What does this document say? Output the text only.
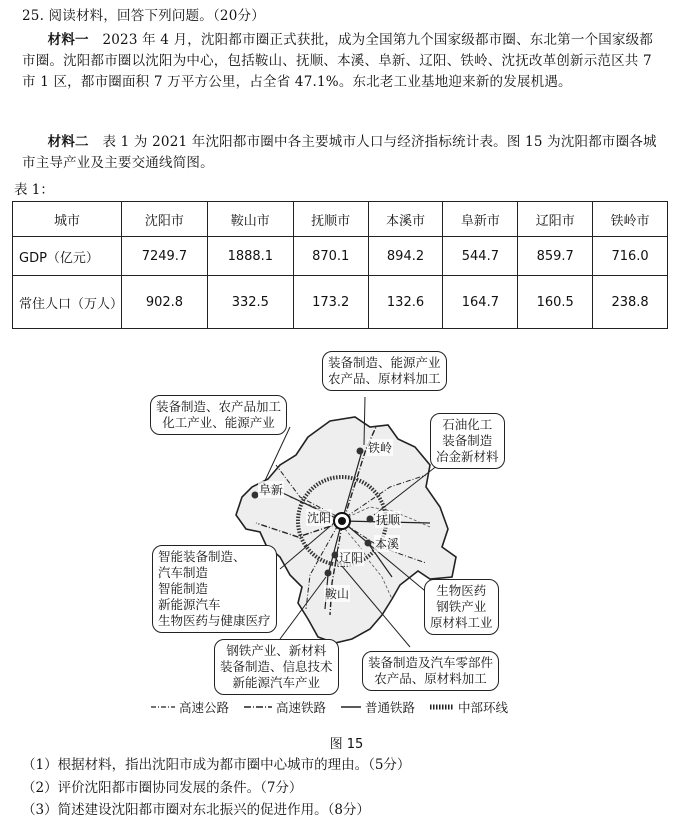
25. 阅读材料，回答下列问题。（20分）
材料一　 2023 年 4 月，沈阳都市圈正式获批，成为全国第九个国家级都市圈、东北第一个国家级都市圈。沈阳都市圈以沈阳为中心，包括鞍山、抚顺、本溪、阜新、辽阳、铁岭、沈抚改革创新示范区共 7 市 1 区，都市圈面积 7 万平方公里，占全省 47.1%。东北老工业基地迎来新的发展机遇。
材料二　 表 1 为 2021 年沈阳都市圈中各主要城市人口与经济指标统计表。图 15 为沈阳都市圈各城市主导产业及主要交通线简图。
表 1：
城市	沈阳市	鞍山市	抚顺市	本溪市	阜新市	辽阳市	铁岭市
GDP（亿元）	7249.7	1888.1	870.1	894.2	544.7	859.7	716.0
常住人口（万人）	902.8	332.5	173.2	132.6	164.7	160.5	238.8
铁岭
阜新
沈阳	抚顺
本溪
辽阳
鞍山
装备制造、能源产业
农产品、原材料加工
装备制造、农产品加工
化工产业、能源产业	石油化工
装备制造
冶金新材料
智能装备制造、
汽车制造
智能制造
新能源汽车
生物医药与健康医疗
生物医药
钢铁产业
原材料工业
钢铁产业、新材料
装备制造、信息技术
新能源汽车产业
装备制造及汽车零部件
农产品、原材料加工
高速公路	高速铁路	普通铁路	中部环线
图 15
（1）根据材料，指出沈阳市成为都市圈中心城市的理由。（5分）
（2）评价沈阳都市圈协同发展的条件。（7分）
（3）简述建设沈阳都市圈对东北振兴的促进作用。（8分）
